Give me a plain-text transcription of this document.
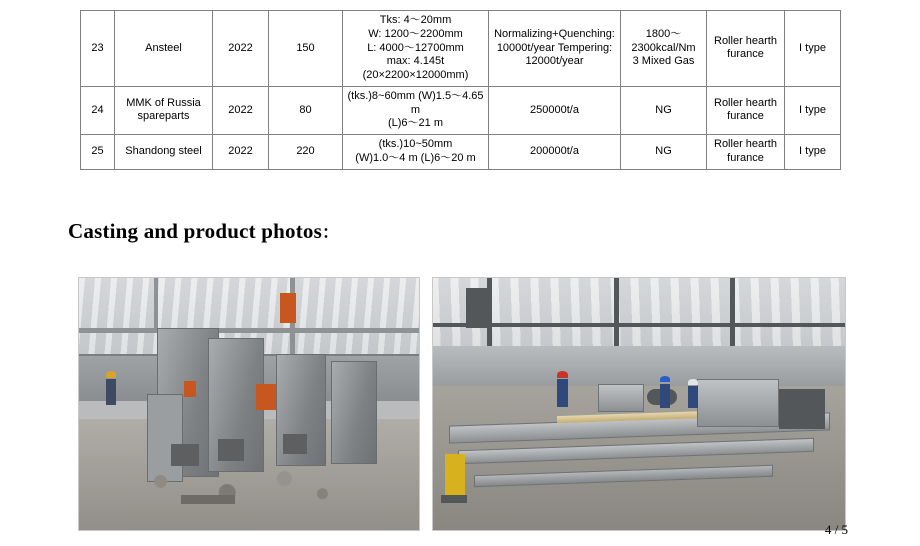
23	Ansteel	2022	150	Tks: 4～20mm
W: 1200～2200mm
L: 4000～12700mm
max: 4.145t
(20×2200×12000mm)	Normalizing+Quenching:
10000t/year Tempering:
12000t/year	1800～
2300kcal/Nm
3 Mixed Gas	Roller hearth
furance	I type
24	MMK of Russia
spareparts	2022	80	(tks.)8~60mm (W)1.5～4.65
m
(L)6～21 m	250000t/a	NG	Roller hearth
furance	I type
25	Shandong steel	2022	220	(tks.)10~50mm
(W)1.0～4 m (L)6～20 m	200000t/a	NG	Roller hearth
furance	I type
Casting and product photos：
4 / 5
